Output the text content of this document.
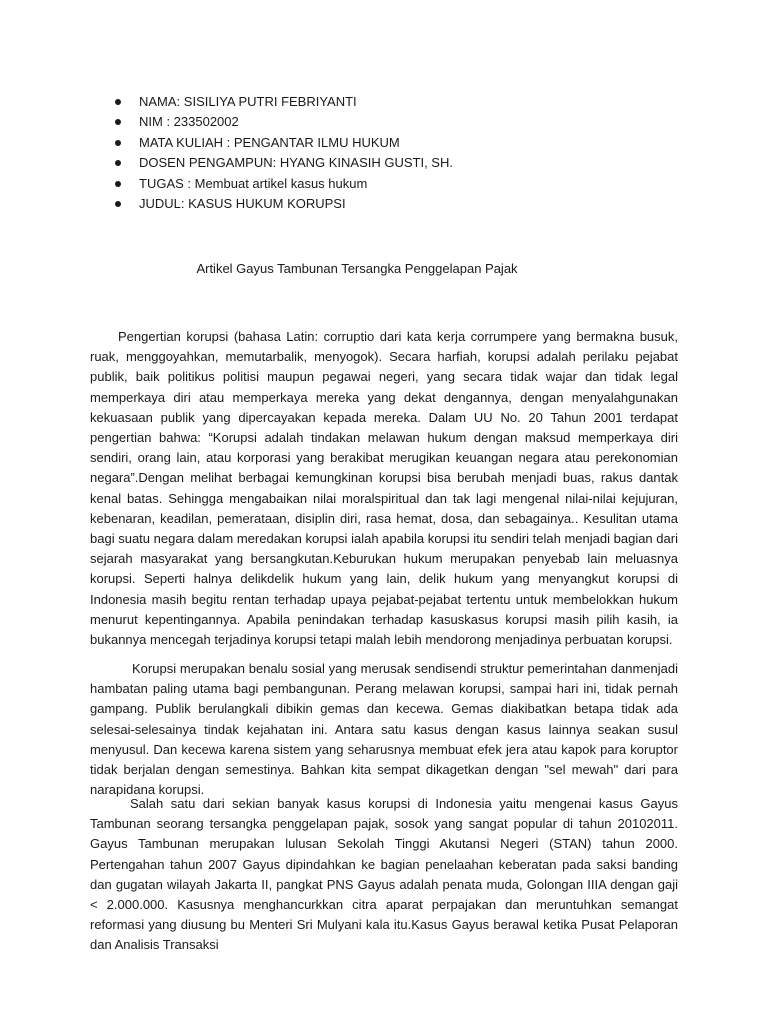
NAMA: SISILIYA PUTRI FEBRIYANTI
NIM : 233502002
MATA KULIAH : PENGANTAR ILMU HUKUM
DOSEN PENGAMPUN: HYANG KINASIH GUSTI, SH.
TUGAS : Membuat artikel kasus hukum
JUDUL: KASUS HUKUM KORUPSI
Artikel Gayus Tambunan Tersangka Penggelapan Pajak

Pengertian korupsi (bahasa Latin: corruptio dari kata kerja corrumpere yang bermakna busuk, ruak, menggoyahkan, memutarbalik, menyogok). Secara harfiah, korupsi adalah perilaku pejabat publik, baik politikus politisi maupun pegawai negeri, yang secara tidak wajar dan tidak legal memperkaya diri atau memperkaya mereka yang dekat dengannya, dengan menyalahgunakan kekuasaan publik yang dipercayakan kepada mereka. Dalam UU No. 20 Tahun 2001 terdapat pengertian bahwa: “Korupsi adalah tindakan melawan hukum dengan maksud memperkaya diri sendiri, orang lain, atau korporasi yang berakibat merugikan keuangan negara atau perekonomian negara”.Dengan melihat berbagai kemungkinan korupsi bisa berubah menjadi buas, rakus dantak kenal batas. Sehingga mengabaikan nilai moralspiritual dan tak lagi mengenal nilai-nilai kejujuran, kebenaran, keadilan, pemerataan, disiplin diri, rasa hemat, dosa, dan sebagainya.. Kesulitan utama bagi suatu negara dalam meredakan korupsi ialah apabila korupsi itu sendiri telah menjadi bagian dari sejarah masyarakat yang bersangkutan.Keburukan hukum merupakan penyebab lain meluasnya korupsi. Seperti halnya delikdelik hukum yang lain, delik hukum yang menyangkut korupsi di Indonesia masih begitu rentan terhadap upaya pejabat-pejabat tertentu untuk membelokkan hukum menurut kepentingannya. Apabila penindakan terhadap kasuskasus korupsi masih pilih kasih, ia bukannya mencegah terjadinya korupsi tetapi malah lebih mendorong menjadinya perbuatan korupsi.

Korupsi merupakan benalu sosial yang merusak sendisendi struktur pemerintahan danmenjadi hambatan paling utama bagi pembangunan. Perang melawan korupsi, sampai hari ini, tidak pernah gampang. Publik berulangkali dibikin gemas dan kecewa. Gemas diakibatkan betapa tidak ada selesai-selesainya tindak kejahatan ini. Antara satu kasus dengan kasus lainnya seakan susul menyusul. Dan kecewa karena sistem yang seharusnya membuat efek jera atau kapok para koruptor tidak berjalan dengan semestinya. Bahkan kita sempat dikagetkan dengan "sel mewah" dari para narapidana korupsi.

Salah satu dari sekian banyak kasus korupsi di Indonesia yaitu mengenai kasus Gayus Tambunan seorang tersangka penggelapan pajak, sosok yang sangat popular di tahun 20102011. Gayus Tambunan merupakan lulusan Sekolah Tinggi Akutansi Negeri (STAN) tahun 2000. Pertengahan tahun 2007 Gayus dipindahkan ke bagian penelaahan keberatan pada saksi banding dan gugatan wilayah Jakarta II, pangkat PNS Gayus adalah penata muda, Golongan IIIA dengan gaji < 2.000.000. Kasusnya menghancurkkan citra aparat perpajakan dan meruntuhkan semangat reformasi yang diusung bu Menteri Sri Mulyani kala itu.Kasus Gayus berawal ketika Pusat Pelaporan dan Analisis Transaksi
